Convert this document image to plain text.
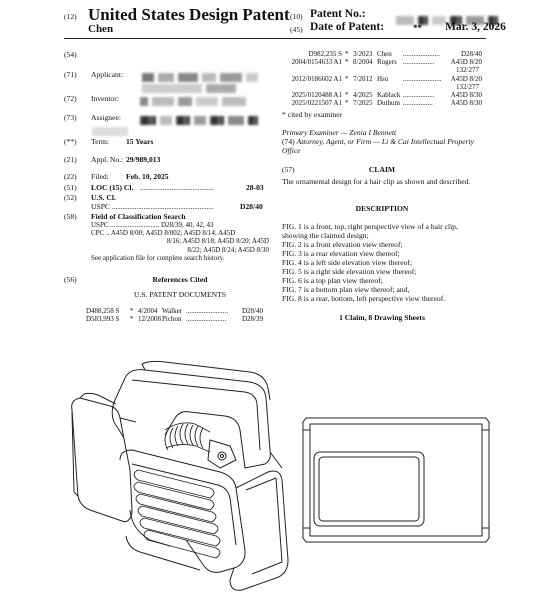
(12) United States Design Patent
Chen
(10) Patent No.:

(45) Date of Patent:	** Mar. 3, 2026
(54)
(71) Applicant:

(72) Inventor:

(73) Assignee:

(**) Term: 15 Years
(21) Appl. No.: 29/989,013
(22) Filed: Feb. 10, 2025
(51) LOC (15) Cl. ..........................................	28-03
(52) U.S. Cl.
USPC ..........................................................	D28/40
(58) Field of Classification Search
USPC ............................ D28/39, 40, 42, 43
CPC .. A45D 8/00; A45D 8/002; A45D 8/14; A45D
8/16; A45D 8/18; A45D 8/20; A45D
8/22; A45D 8/24; A45D 8/30
See application file for complete search history.
(56)	References Cited
U.S. PATENT DOCUMENTS
D488,258 S	* 4/2004 Walker ........................	D28/40
D583,993 S	* 12/2008 Pichon .......................	D28/39
D982,235 S * 3/2023 Chen	.....................	D28/40
2004/0154633 A1 * 8/2004 Rogers ..................	A45D 8/20
132/277
2012/0186602 A1 * 7/2012 Hsu	......................	A45D 8/20
132/277
2025/0120488 A1 * 4/2025 Kablack ..................	A45D 8/30
2025/0221507 A1 * 7/2025 Duthum .................	A45D 8/30
* cited by examiner
Primary Examiner — Zenia I Bennett
(74) Attorney, Agent, or Firm — Li & Cai Intellectual Property Office
(57)	CLAIM
The ornamental design for a hair clip as shown and described.
DESCRIPTION
FIG. 1 is a front, top, right perspective view of a hair clip, showing the claimed design;
FIG. 2 is a front elevation view thereof;
FIG. 3 is a rear elevation view thereof;
FIG. 4 is a left side elevation view thereof;
FIG. 5 is a right side elevation view thereof;
FIG. 6 is a top plan view thereof;
FIG. 7 is a bottom plan view thereof; and,
FIG. 8 is a rear, bottom, left perspective view thereof.
1 Claim, 8 Drawing Sheets
